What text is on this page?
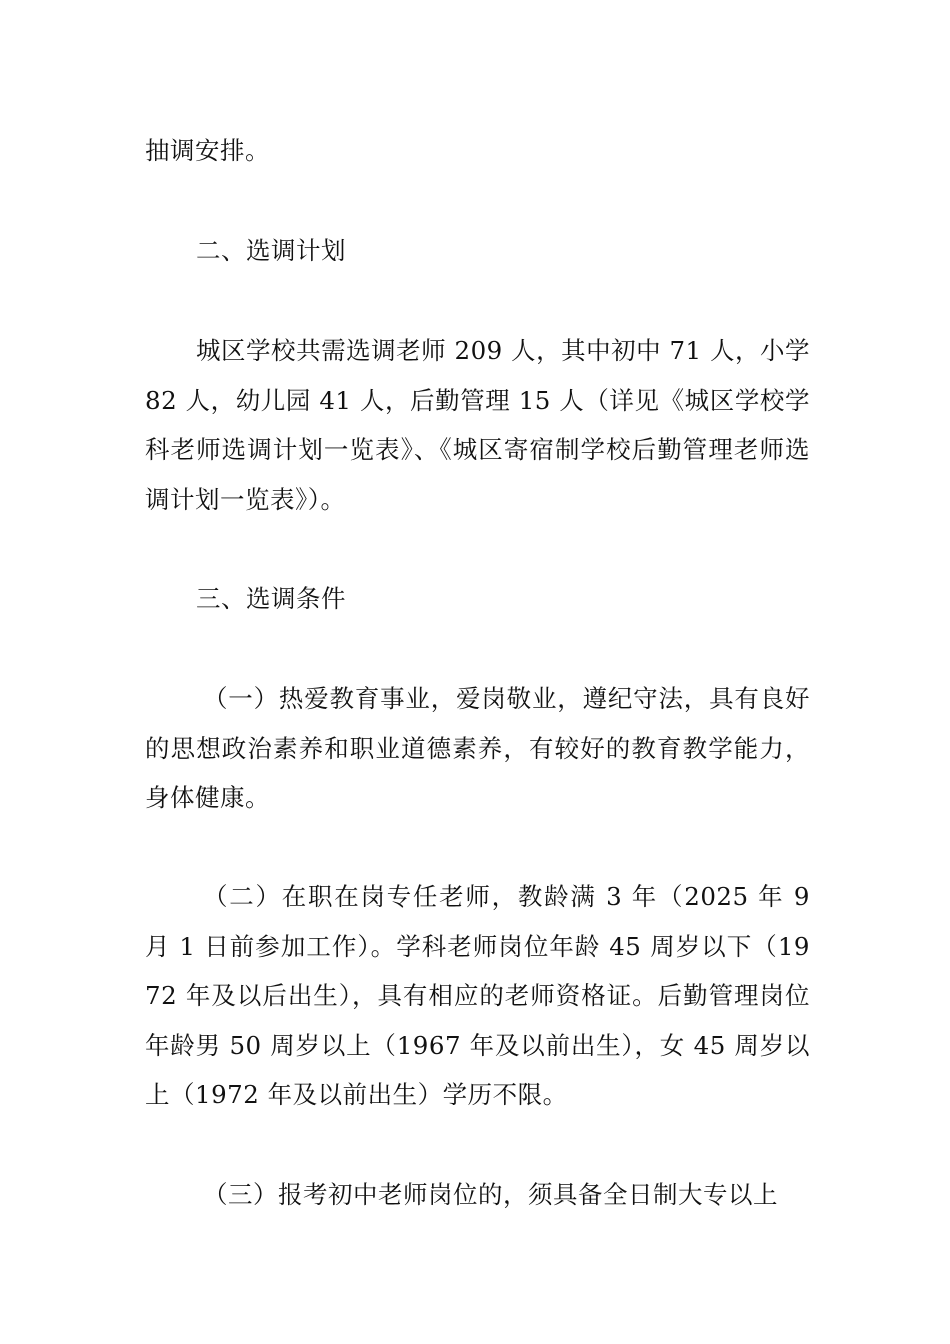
抽调安排。

二、选调计划

城区学校共需选调老师 209 人，其中初中 71 人，小学 82 人，幼儿园 41 人，后勤管理 15 人（详见《城区学校学科老师选调计划一览表》、《城区寄宿制学校后勤管理老师选调计划一览表》）。

三、选调条件

（一）热爱教育事业，爱岗敬业，遵纪守法，具有良好的思想政治素养和职业道德素养，有较好的教育教学能力，身体健康。

（二）在职在岗专任老师，教龄满 3 年（2025 年 9 月 1 日前参加工作）。学科老师岗位年龄 45 周岁以下（1972 年及以后出生），具有相应的老师资格证。后勤管理岗位年龄男 50 周岁以上（1967 年及以前出生），女 45 周岁以上（1972 年及以前出生）学历不限。

（三）报考初中老师岗位的，须具备全日制大专以上
